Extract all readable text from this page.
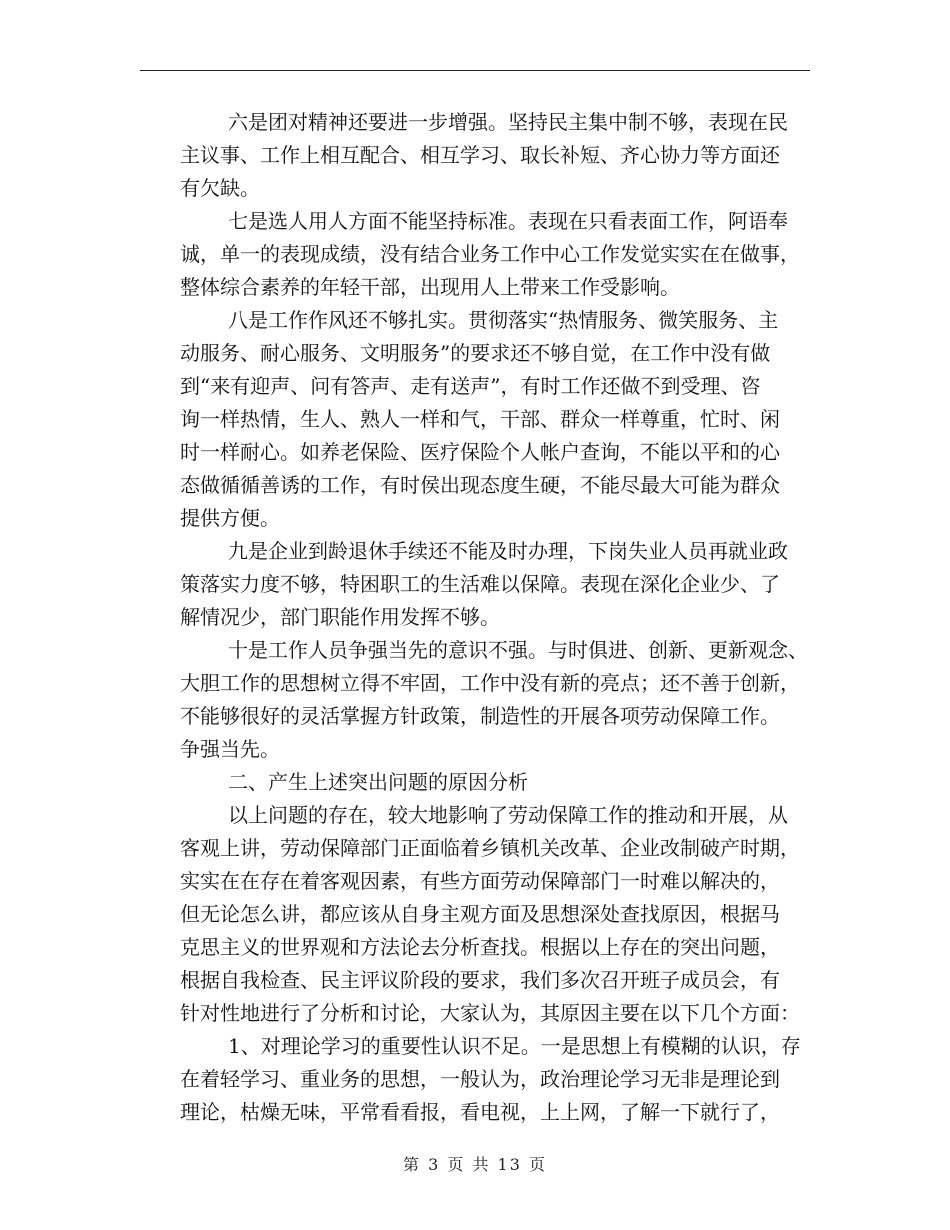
六是团对精神还要进一步增强。坚持民主集中制不够，表现在民
主议事、工作上相互配合、相互学习、取长补短、齐心协力等方面还
有欠缺。
七是选人用人方面不能坚持标准。表现在只看表面工作，阿语奉
诚，单一的表现成绩，没有结合业务工作中心工作发觉实实在在做事，
整体综合素养的年轻干部，出现用人上带来工作受影响。
八是工作作风还不够扎实。贯彻落实“热情服务、微笑服务、主
动服务、耐心服务、文明服务”的要求还不够自觉，在工作中没有做
到“来有迎声、问有答声、走有送声”，有时工作还做不到受理、咨
询一样热情，生人、熟人一样和气，干部、群众一样尊重，忙时、闲
时一样耐心。如养老保险、医疗保险个人帐户查询，不能以平和的心
态做循循善诱的工作，有时侯出现态度生硬，不能尽最大可能为群众
提供方便。
九是企业到龄退休手续还不能及时办理，下岗失业人员再就业政
策落实力度不够，特困职工的生活难以保障。表现在深化企业少、了
解情况少，部门职能作用发挥不够。
十是工作人员争强当先的意识不强。与时俱进、创新、更新观念、
大胆工作的思想树立得不牢固，工作中没有新的亮点；还不善于创新，
不能够很好的灵活掌握方针政策，制造性的开展各项劳动保障工作。
争强当先。
二、产生上述突出问题的原因分析
以上问题的存在，较大地影响了劳动保障工作的推动和开展，从
客观上讲，劳动保障部门正面临着乡镇机关改革、企业改制破产时期，
实实在在存在着客观因素，有些方面劳动保障部门一时难以解决的，
但无论怎么讲，都应该从自身主观方面及思想深处查找原因，根据马
克思主义的世界观和方法论去分析查找。根据以上存在的突出问题，
根据自我检查、民主评议阶段的要求，我们多次召开班子成员会，有
针对性地进行了分析和讨论，大家认为，其原因主要在以下几个方面：
1、对理论学习的重要性认识不足。一是思想上有模糊的认识，存
在着轻学习、重业务的思想，一般认为，政治理论学习无非是理论到
理论，枯燥无味，平常看看报，看电视，上上网，了解一下就行了，
第 3 页 共 13 页
